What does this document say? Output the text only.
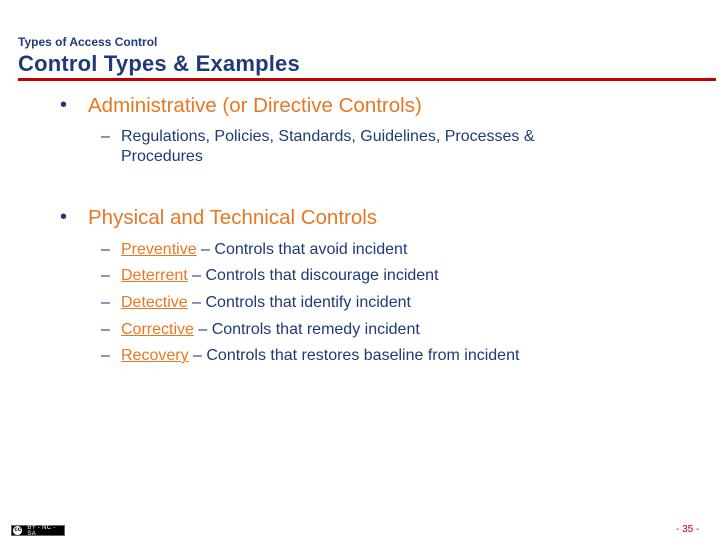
Types of Access Control
Control Types & Examples
• Administrative (or Directive Controls)
– Regulations, Policies, Standards, Guidelines, Processes &
Procedures
• Physical and Technical Controls
– Preventive – Controls that avoid incident
– Deterrent – Controls that discourage incident
– Detective – Controls that identify incident
– Corrective – Controls that remedy incident
– Recovery – Controls that restores baseline from incident
cc BY - NC - SA	- 35 -
